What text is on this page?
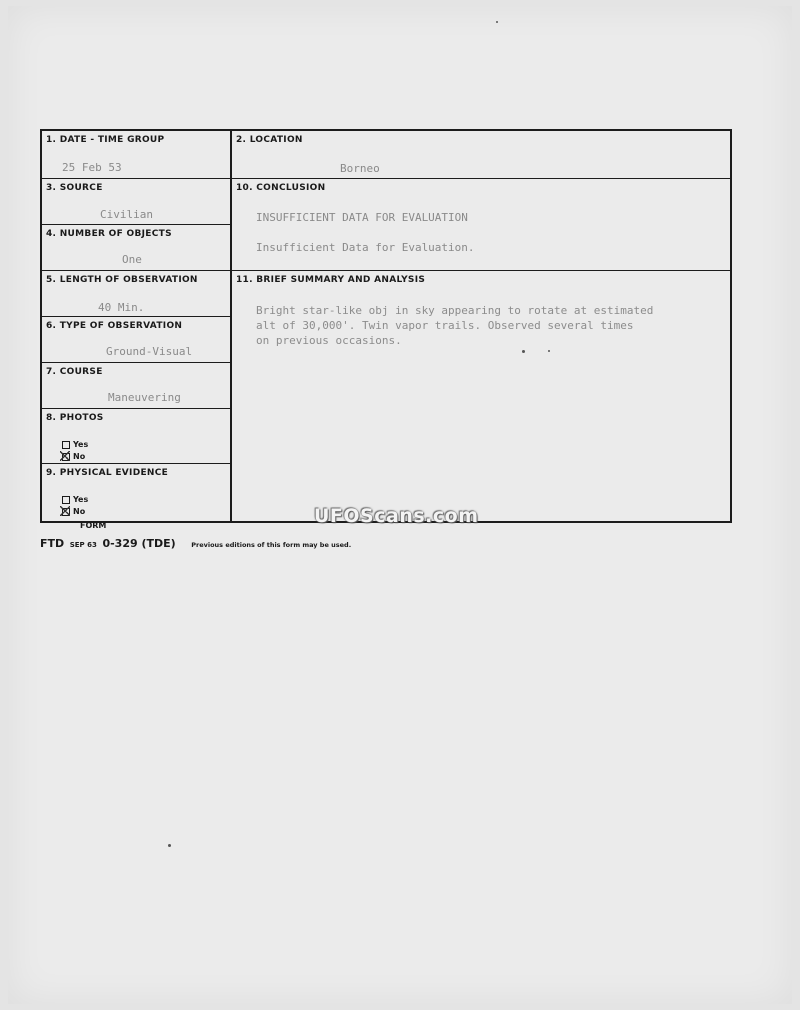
1. DATE - TIME GROUP
25 Feb 53
3. SOURCE
Civilian
4. NUMBER OF OBJECTS
One
5. LENGTH OF OBSERVATION
40 Min.
6. TYPE OF OBSERVATION
Ground-Visual
7. COURSE
Maneuvering
8. PHOTOS
Yes
No
9. PHYSICAL EVIDENCE
Yes
No
2. LOCATION
Borneo
10. CONCLUSION
INSUFFICIENT DATA FOR EVALUATION
Insufficient Data for Evaluation.
11. BRIEF SUMMARY AND ANALYSIS
Bright star-like obj in sky appearing to rotate at estimated
alt of 30,000'. Twin vapor trails. Observed several times
on previous occasions.
UFOScans.com
FORM
FTD SEP 63 0-329 (TDE) Previous editions of this form may be used.
